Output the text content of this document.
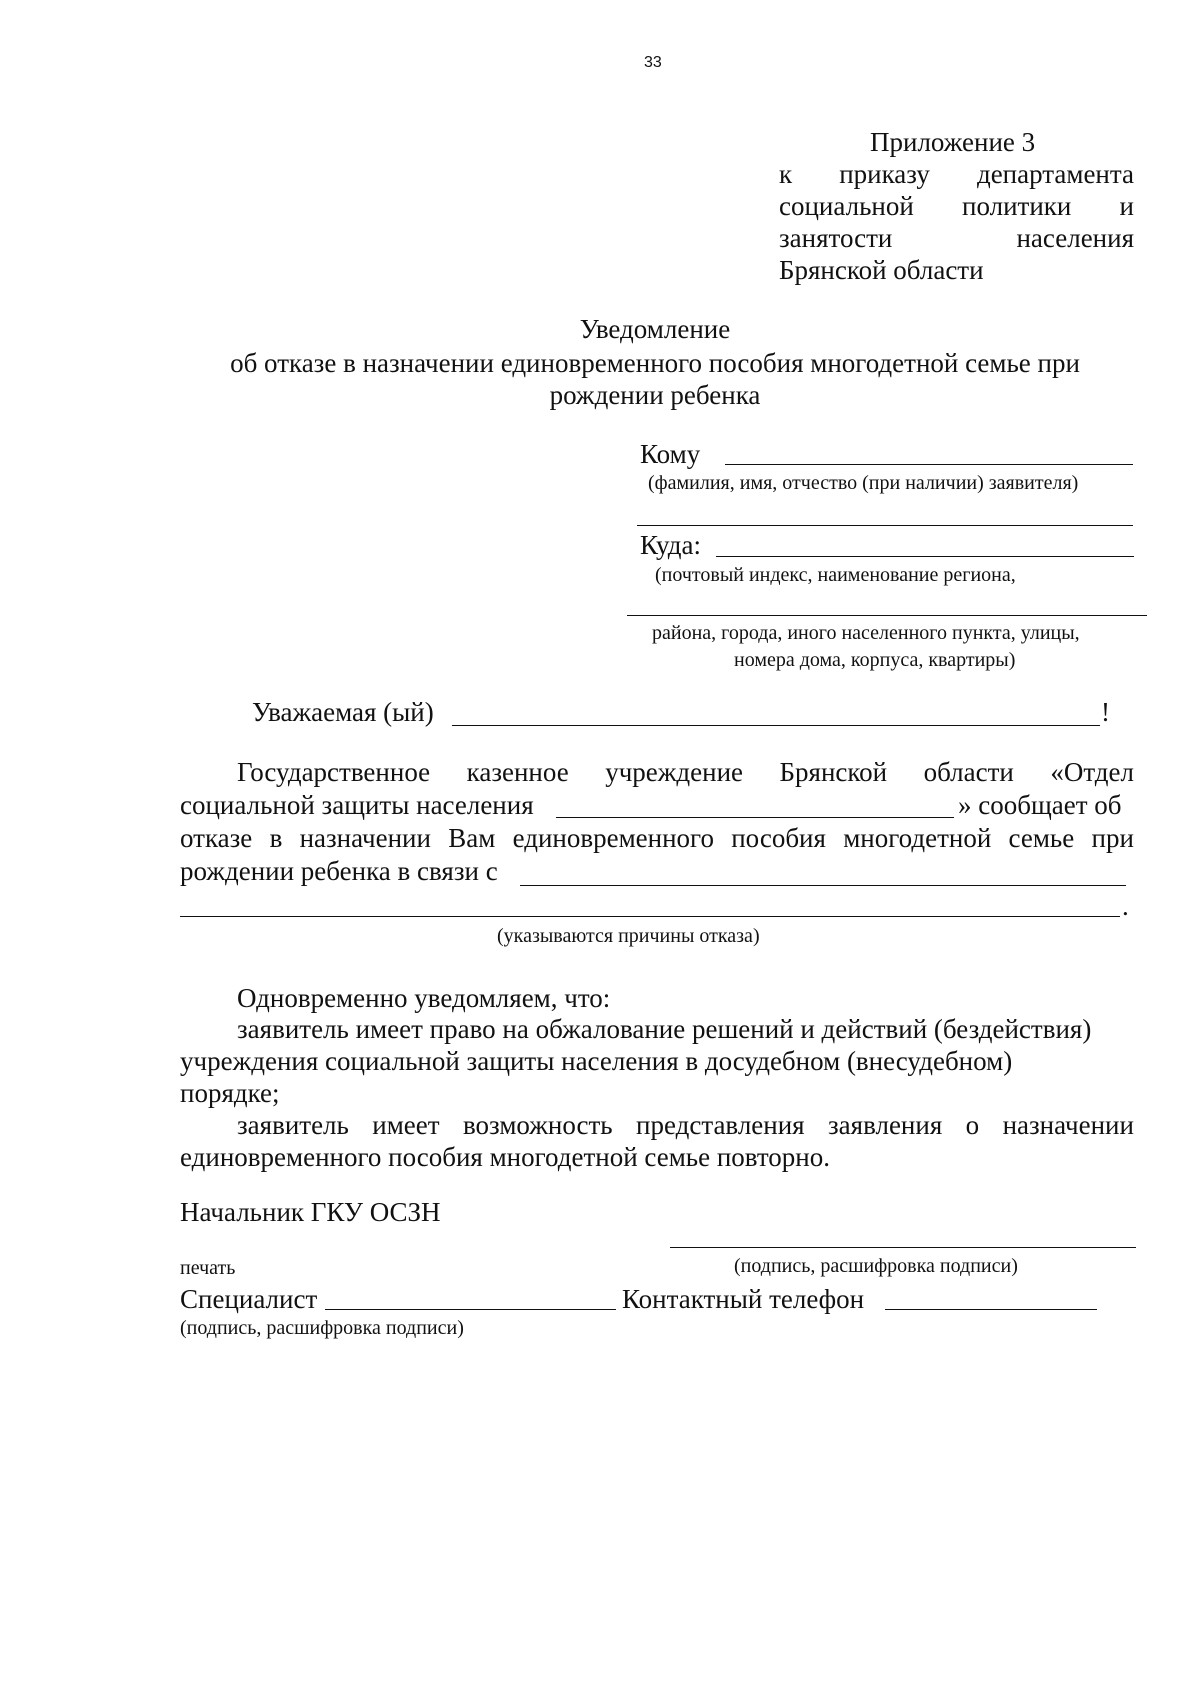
33
Приложение 3
к приказу департамента
социальной политики и
занятости	населения
Брянской области
Уведомление
об отказе в назначении единовременного пособия многодетной семье при
рождении ребенка
Кому
(фамилия, имя, отчество (при наличии) заявителя)
Куда:
(почтовый индекс, наименование региона,
района, города, иного населенного пункта, улицы,
номера дома, корпуса, квартиры)
Уважаемая (ый)	!
Государственное казенное учреждение Брянской области «Отдел
социальной защиты населения	» сообщает об
отказе в назначении Вам единовременного пособия многодетной семье при
рождении ребенка в связи с
.
(указываются причины отказа)
Одновременно уведомляем, что:
заявитель имеет право на обжалование решений и действий (бездействия)
учреждения социальной защиты населения в досудебном (внесудебном)
порядке;
заявитель имеет возможность представления заявления о назначении
единовременного пособия многодетной семье повторно.
Начальник ГКУ ОСЗН
печать	(подпись, расшифровка подписи)
Специалист	Контактный телефон
(подпись, расшифровка подписи)
